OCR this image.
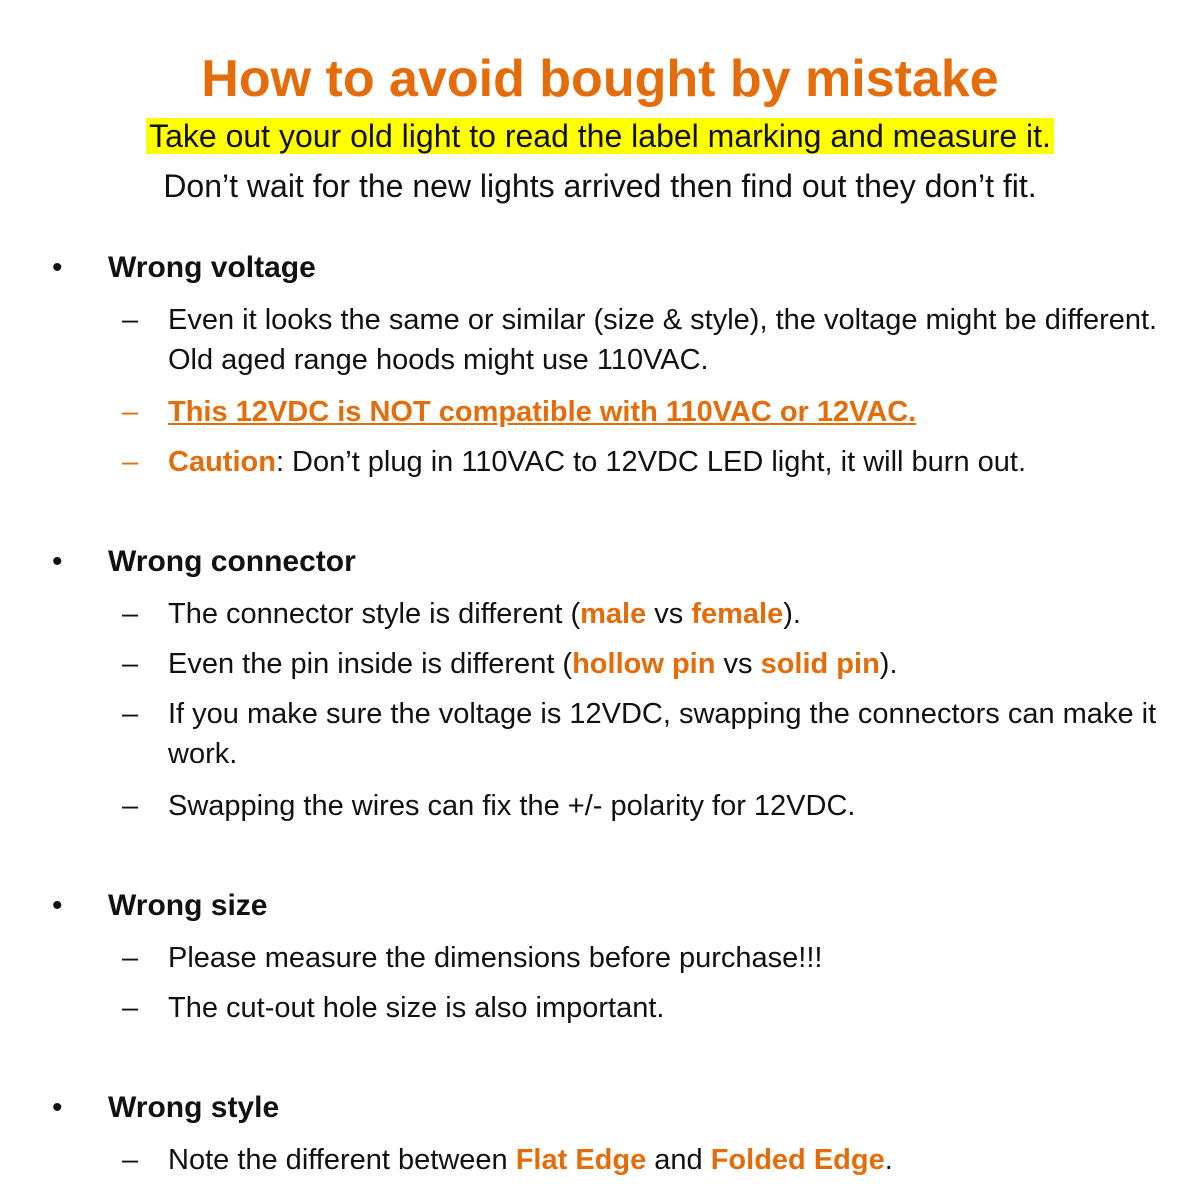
How to avoid bought by mistake
Take out your old light to read the label marking and measure it.
Don’t wait for the new lights arrived then find out they don’t fit.
• Wrong voltage
–	Even it looks the same or similar (size & style), the voltage might be different. Old aged range hoods might use 110VAC.
–	This 12VDC is NOT compatible with 110VAC or 12VAC.
–	Caution: Don’t plug in 110VAC to 12VDC LED light, it will burn out.
• Wrong connector
–	The connector style is different (male vs female).
–	Even the pin inside is different (hollow pin vs solid pin).
–	If you make sure the voltage is 12VDC, swapping the connectors can make it work.
–	Swapping the wires can fix the +/- polarity for 12VDC.
• Wrong size
–	Please measure the dimensions before purchase!!!
–	The cut-out hole size is also important.
• Wrong style
–	Note the different between Flat Edge and Folded Edge.
